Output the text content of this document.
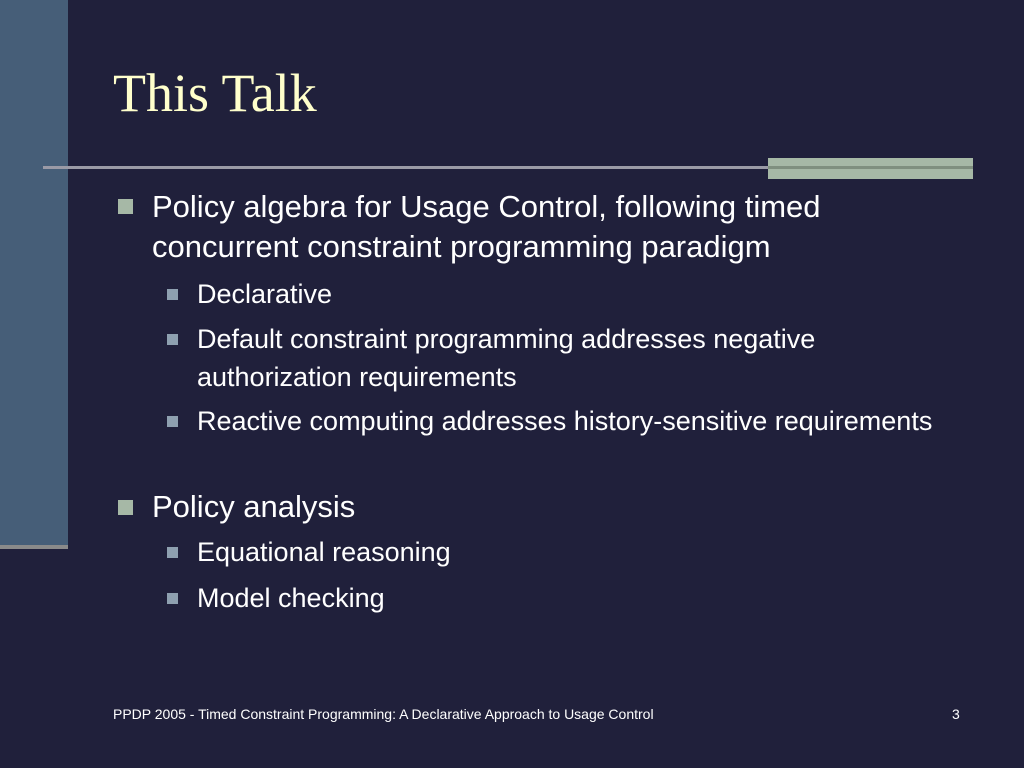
This Talk

Policy algebra for Usage Control, following timed concurrent constraint programming paradigm

Declarative

Default constraint programming addresses negative authorization requirements

Reactive computing addresses history-sensitive requirements

Policy analysis

Equational reasoning

Model checking

PPDP 2005 - Timed Constraint Programming: A Declarative Approach to Usage Control	3
